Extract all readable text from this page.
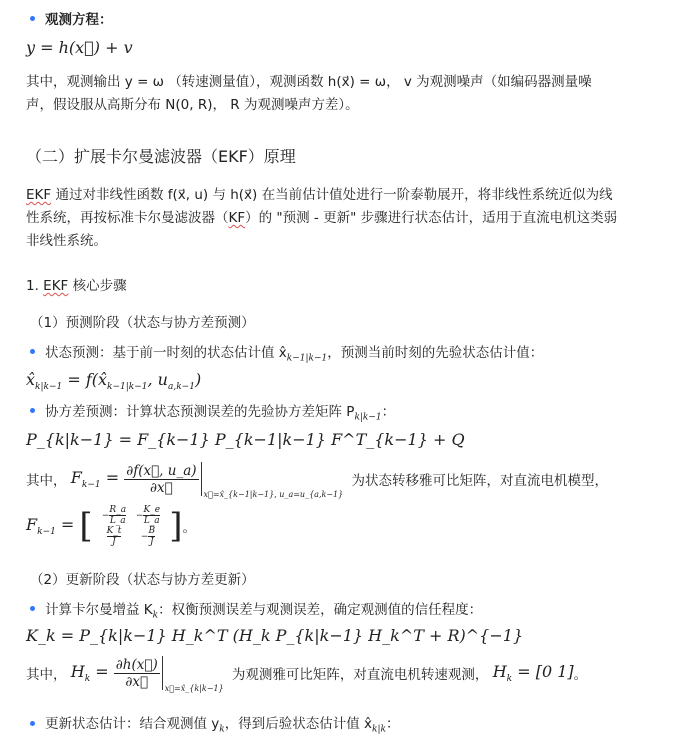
观测方程：
y = h(x⃗) + v
其中，观测输出 y = ω （转速测量值），观测函数 h(x⃗) = ω， v 为观测噪声（如编码器测量噪
声，假设服从高斯分布 N(0, R)， R 为观测噪声方差）。
（二）扩展卡尔曼滤波器（EKF）原理
EKF 通过对非线性函数 f(x⃗, u) 与 h(x⃗) 在当前估计值处进行一阶泰勒展开，将非线性系统近似为线
性系统，再按标准卡尔曼滤波器（KF）的 "预测 - 更新" 步骤进行状态估计，适用于直流电机这类弱
非线性系统。
1. EKF 核心步骤
（1）预测阶段（状态与协方差预测）
状态预测：基于前一时刻的状态估计值 $x̂_{k-1|k-1}$，预测当前时刻的先验状态估计值：
$x̂_{k|k-1}$ = $f(x̂_{k-1|k-1}$, $u_{a,k-1}$)
协方差预测：计算状态预测误差的先验协方差矩阵 $P_{k|k-1}$：
P_{k|k−1} = F_{k−1} P_{k−1|k−1} F^T_{k−1} + Q
其中， $F_{k-1} = \frac{\partial f(x⃗, u\_a)}{\partial x⃗} _{x⃗=x̂\_\{k-1|k-1\}, u\_a=u\_\{a,k-1\}}$ 为状态转移雅可比矩阵，对直流电机模型，
$F_{k-1}$ = [ − $\frac{R\_a}{L\_a} - \frac{K\_e}{L\_a}$

$\frac{K\_t}{J} - \frac{B}{J}$ ]。
（2）更新阶段（状态与协方差更新）
计算卡尔曼增益 $K_k$：权衡预测误差与观测误差，确定观测值的信任程度：
K_k = P_{k|k−1} H_k^T (H_k P_{k|k−1} H_k^T + R)^{−1}
其中， $H_k = \frac{\partial h(x⃗)}{\partial x⃗} _{x⃗=x̂\_\{k|k-1\}}$ 为观测雅可比矩阵，对直流电机转速观测， $H_k = [0$ 1]。
更新状态估计：结合观测值 $y_k$，得到后验状态估计值 $x̂_{k|k}$：
